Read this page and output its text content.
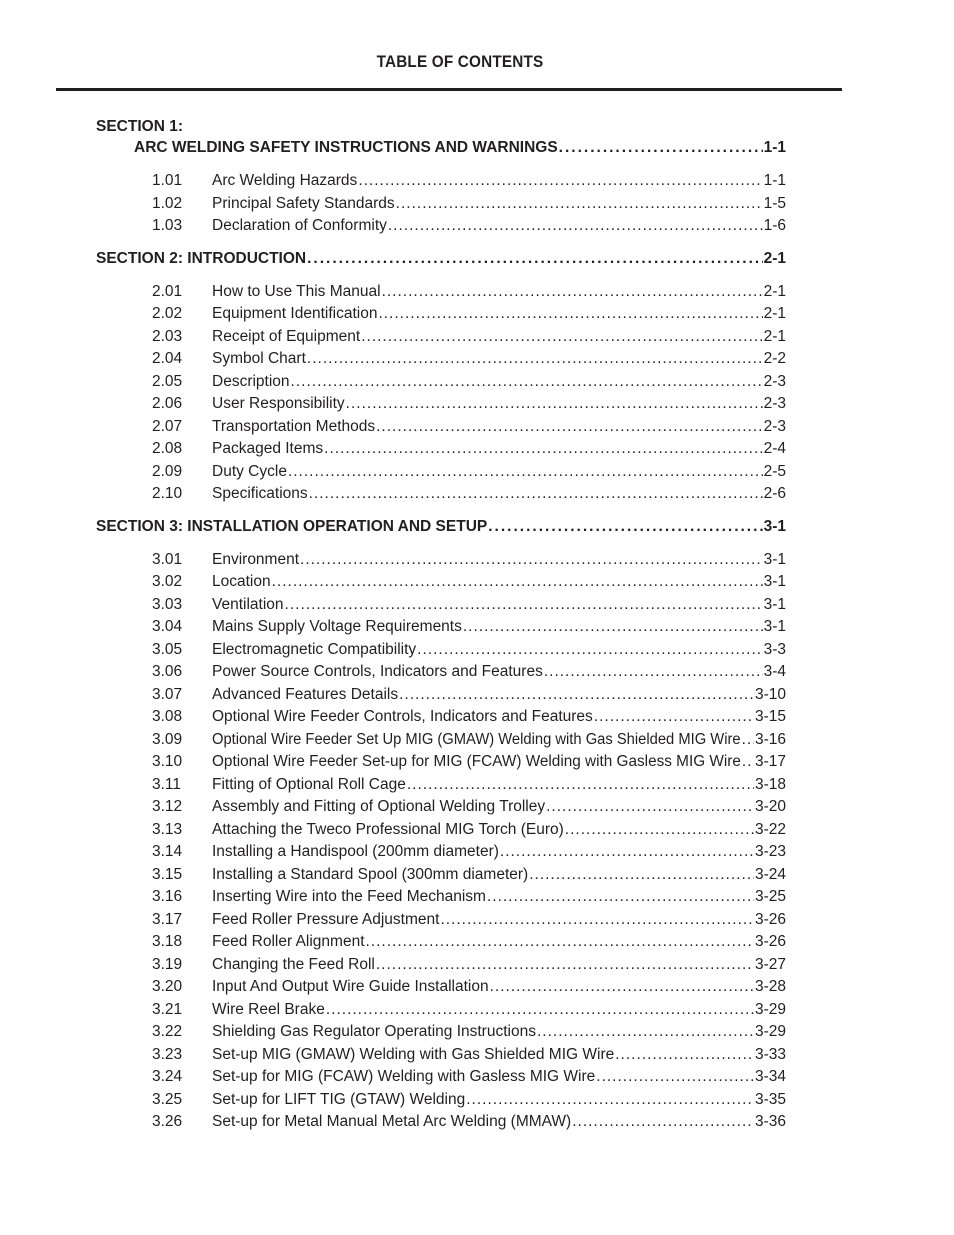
TABLE OF CONTENTS
SECTION 1:
ARC WELDING SAFETY INSTRUCTIONS AND WARNINGS .....	1-1
1.01	Arc Welding Hazards .....	1-1
1.02	Principal Safety Standards .....	1-5
1.03	Declaration of Conformity .....	1-6
SECTION 2: INTRODUCTION .....	2-1
2.01	How to Use This Manual .....	2-1
2.02	Equipment Identification .....	2-1
2.03	Receipt of Equipment .....	2-1
2.04	Symbol Chart .....	2-2
2.05	Description .....	2-3
2.06	User Responsibility .....	2-3
2.07	Transportation Methods .....	2-3
2.08	Packaged Items .....	2-4
2.09	Duty Cycle .....	2-5
2.10	Specifications .....	2-6
SECTION 3: INSTALLATION OPERATION AND SETUP .....	3-1
3.01	Environment .....	3-1
3.02	Location .....	3-1
3.03	Ventilation .....	3-1
3.04	Mains Supply Voltage Requirements .....	3-1
3.05	Electromagnetic Compatibility .....	3-3
3.06	Power Source Controls, Indicators and Features .....	3-4
3.07	Advanced Features Details .....	3-10
3.08	Optional Wire Feeder Controls, Indicators and Features .....	3-15
3.09	Optional Wire Feeder Set Up MIG (GMAW) Welding with Gas Shielded MIG Wire ..... 3-16
3.10	Optional Wire Feeder Set-up for MIG (FCAW) Welding with Gasless MIG Wire ..... 3-17
3.11	Fitting of Optional Roll Cage .....	3-18
3.12	Assembly and Fitting of Optional Welding Trolley .....	3-20
3.13	Attaching the Tweco Professional MIG Torch (Euro) .....	3-22
3.14	Installing a Handispool (200mm diameter) .....	3-23
3.15	Installing a Standard Spool (300mm diameter) .....	3-24
3.16	Inserting Wire into the Feed Mechanism .....	3-25
3.17	Feed Roller Pressure Adjustment .....	3-26
3.18	Feed Roller Alignment .....	3-26
3.19	Changing the Feed Roll .....	3-27
3.20	Input And Output Wire Guide Installation .....	3-28
3.21	Wire Reel Brake .....	3-29
3.22	Shielding Gas Regulator Operating Instructions .....	3-29
3.23	Set-up MIG (GMAW) Welding with Gas Shielded MIG Wire .....	3-33
3.24	Set-up for MIG (FCAW) Welding with Gasless MIG Wire .....	3-34
3.25	Set-up for LIFT TIG (GTAW) Welding .....	3-35
3.26	Set-up for Metal Manual Metal Arc Welding (MMAW) .....	3-36
